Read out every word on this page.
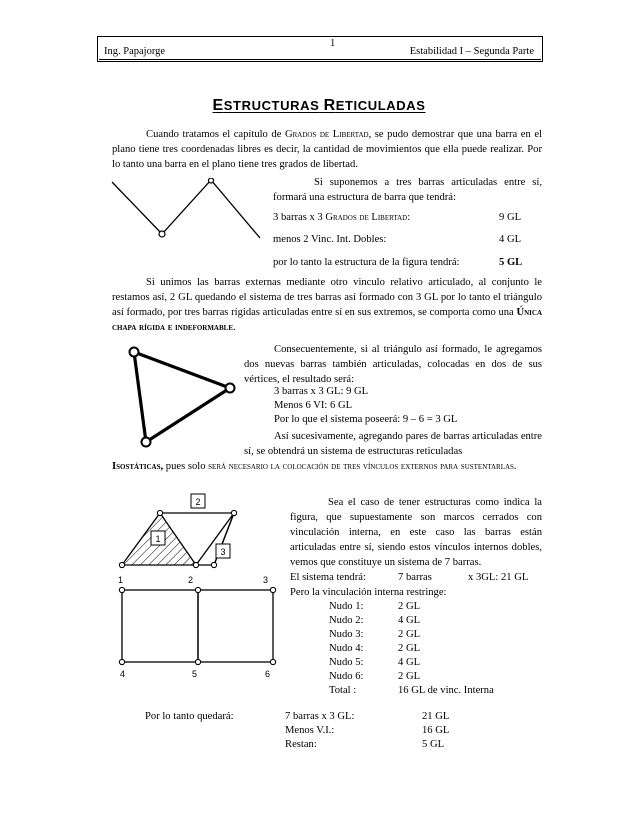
Ing. Papajorge
1
Estabilidad I – Segunda Parte
ESTRUCTURAS RETICULADAS
Cuando tratamos el capítulo de Grados de Libertad, se pudo demostrar que una barra en el plano tiene tres coordenadas libres es decir, la cantidad de movimientos que ella puede realizar. Por lo tanto una barra en el plano tiene tres grados de libertad.
Si suponemos a tres barras articuladas entre sí, formará una estructura de barra que tendrá:
3 barras x 3 Grados de Libertad:	9 GL
menos 2 Vinc. Int. Dobles:	4 GL
por lo tanto la estructura de la figura tendrá:	5 GL
Si unimos las barras externas mediante otro vinculo relativo articulado, al conjunto le restamos así, 2 GL quedando el sistema de tres barras así formado con 3 GL por lo tanto el triángulo así formado, por tres barras rígidas articuladas entre sí en sus extremos, se comporta como una Única chapa rígida e indeformable.
Consecuentemente, si al triángulo así formado, le agregamos dos nuevas barras también articuladas, colocadas en dos de sus vértices, el resultado será:
3 barras x 3 GL: 9 GL
Menos 6 VI: 6 GL
Por lo que el sistema poseerá: 9 – 6 = 3 GL
Así sucesivamente, agregando pares de barras articuladas entre sí, se obtendrá un sistema de estructuras reticuladas
Isostáticas, pues solo será necesario la colocación de tres vínculos externos para sustentarlas.
1
2
3
1	2	3
4	5	6
Sea el caso de tener estructuras como indica la figura, que supuestamente son marcos cerrados con vinculación interna, en este caso las barras están articuladas entre sí, siendo estos vínculos internos dobles, vemos que constituye un sistema de 7 barras.
El sistema tendrá:	7 barras	x 3GL: 21 GL
Pero la vinculación interna restringe:
Nudo 1:	2 GL
Nudo 2:	4 GL
Nudo 3:	2 GL
Nudo 4:	2 GL
Nudo 5:	4 GL
Nudo 6:	2 GL
Total :	16 GL de vinc. Interna
Por lo tanto quedará:	7 barras x 3 GL:	21 GL
Menos V.I.:	16 GL
Restan:	5 GL
